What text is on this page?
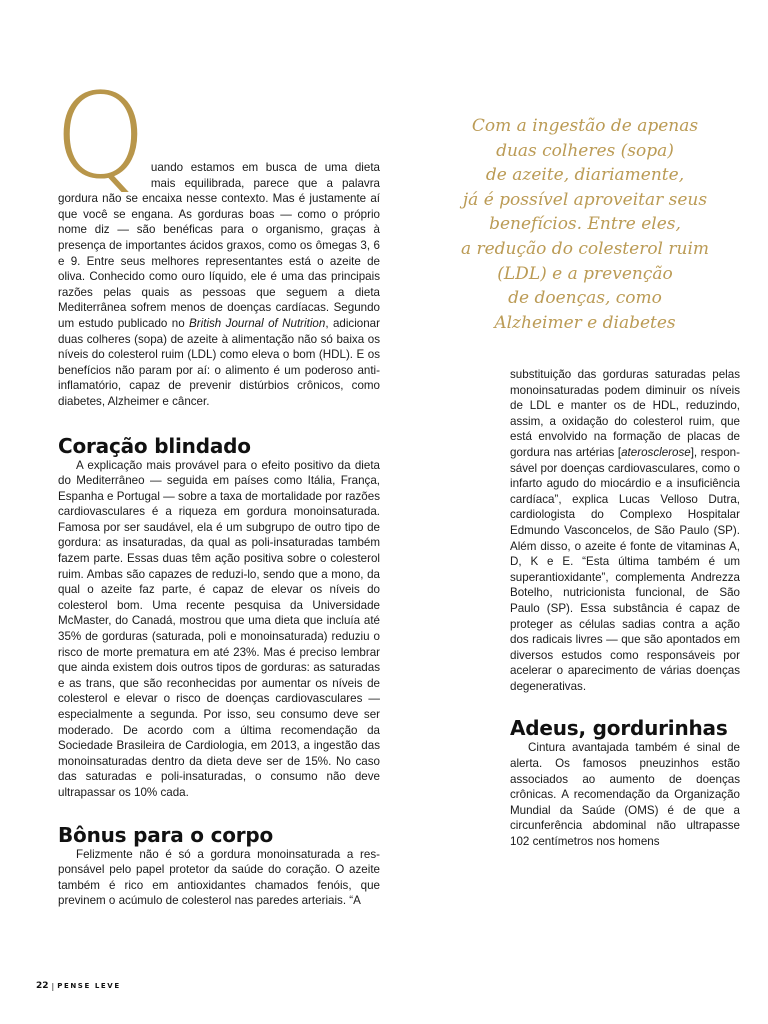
Q uando estamos em busca de uma dieta mais equilibrada, parece que a palavra gordura não se encaixa nesse contexto. Mas é justamente aí que você se engana. As gorduras boas — como o próprio nome diz — são benéficas para o organismo, graças à presença de importantes ácidos graxos, como os ômegas 3, 6 e 9. Entre seus melhores representantes está o azeite de oliva. Conhecido como ouro líquido, ele é uma das principais razões pelas quais as pessoas que seguem a dieta Mediterrânea sofrem menos de doenças cardíacas. Segundo um estudo publicado no British Journal of Nutrition, adicionar duas colheres (sopa) de azeite à alimentação não só baixa os níveis do colesterol ruim (LDL) como eleva o bom (HDL). E os benefícios não param por aí: o alimento é um poderoso anti-inflamatório, capaz de prevenir distúrbios crônicos, como diabetes, Alzheimer e câncer.

Coração blindado

A explicação mais provável para o efeito positivo da dieta do Mediterrâneo — seguida em países como Itália, França, Espanha e Portugal — sobre a taxa de mortalidade por razões cardiovasculares é a riqueza em gordura monoinsaturada. Famosa por ser saudável, ela é um subgrupo de outro tipo de gordura: as insaturadas, da qual as poli-insaturadas também fazem parte. Essas duas têm ação positiva sobre o colesterol ruim. Ambas são capazes de reduzi-lo, sendo que a mono, da qual o azeite faz parte, é capaz de elevar os níveis do colesterol bom. Uma recente pesquisa da Universidade McMaster, do Canadá, mostrou que uma dieta que incluía até 35% de gorduras (saturada, poli e monoinsaturada) reduziu o risco de morte prematura em até 23%. Mas é preciso lembrar que ainda existem dois outros tipos de gorduras: as saturadas e as trans, que são reconhecidas por aumentar os níveis de colesterol e elevar o risco de doenças cardiovasculares — especialmente a segunda. Por isso, seu consumo deve ser moderado. De acordo com a última recomendação da Sociedade Brasileira de Cardiologia, em 2013, a ingestão das monoinsaturadas dentro da dieta deve ser de 15%. No caso das saturadas e poli-insaturadas, o consumo não deve ultrapassar os 10% cada.

Bônus para o corpo

Felizmente não é só a gordura monoinsaturada a responsável pelo papel protetor da saúde do coração. O azeite também é rico em antioxidantes chamados fenóis, que previnem o acúmulo de colesterol nas paredes arteriais. “A

Com a ingestão de apenas
duas colheres (sopa)
de azeite, diariamente,
já é possível aproveitar seus
benefícios. Entre eles,
a redução do colesterol ruim
(LDL) e a prevenção
de doenças, como
Alzheimer e diabetes

substituição das gorduras saturadas pelas monoinsaturadas podem diminuir os níveis de LDL e manter os de HDL, reduzindo, assim, a oxidação do colesterol ruim, que está envolvido na formação de placas de gordura nas artérias [aterosclerose], responsável por doenças cardiovasculares, como o infarto agudo do miocárdio e a insuficiência cardíaca”, explica Lucas Velloso Dutra, cardiologista do Complexo Hospitalar Edmundo Vasconcelos, de São Paulo (SP). Além disso, o azeite é fonte de vitaminas A, D, K e E. “Esta última também é um superantioxidante”, complementa Andrezza Botelho, nutricionista funcional, de São Paulo (SP). Essa substância é capaz de proteger as células sadias contra a ação dos radicais livres — que são apontados em diversos estudos como responsáveis por acelerar o aparecimento de várias doenças degenerativas.

Adeus, gordurinhas

Cintura avantajada também é sinal de alerta. Os famosos pneuzinhos estão associados ao aumento de doenças crônicas. A recomendação da Organização Mundial da Saúde (OMS) é de que a circunferência abdominal não ultrapasse 102 centímetros nos homens

22 | PENSE LEVE
